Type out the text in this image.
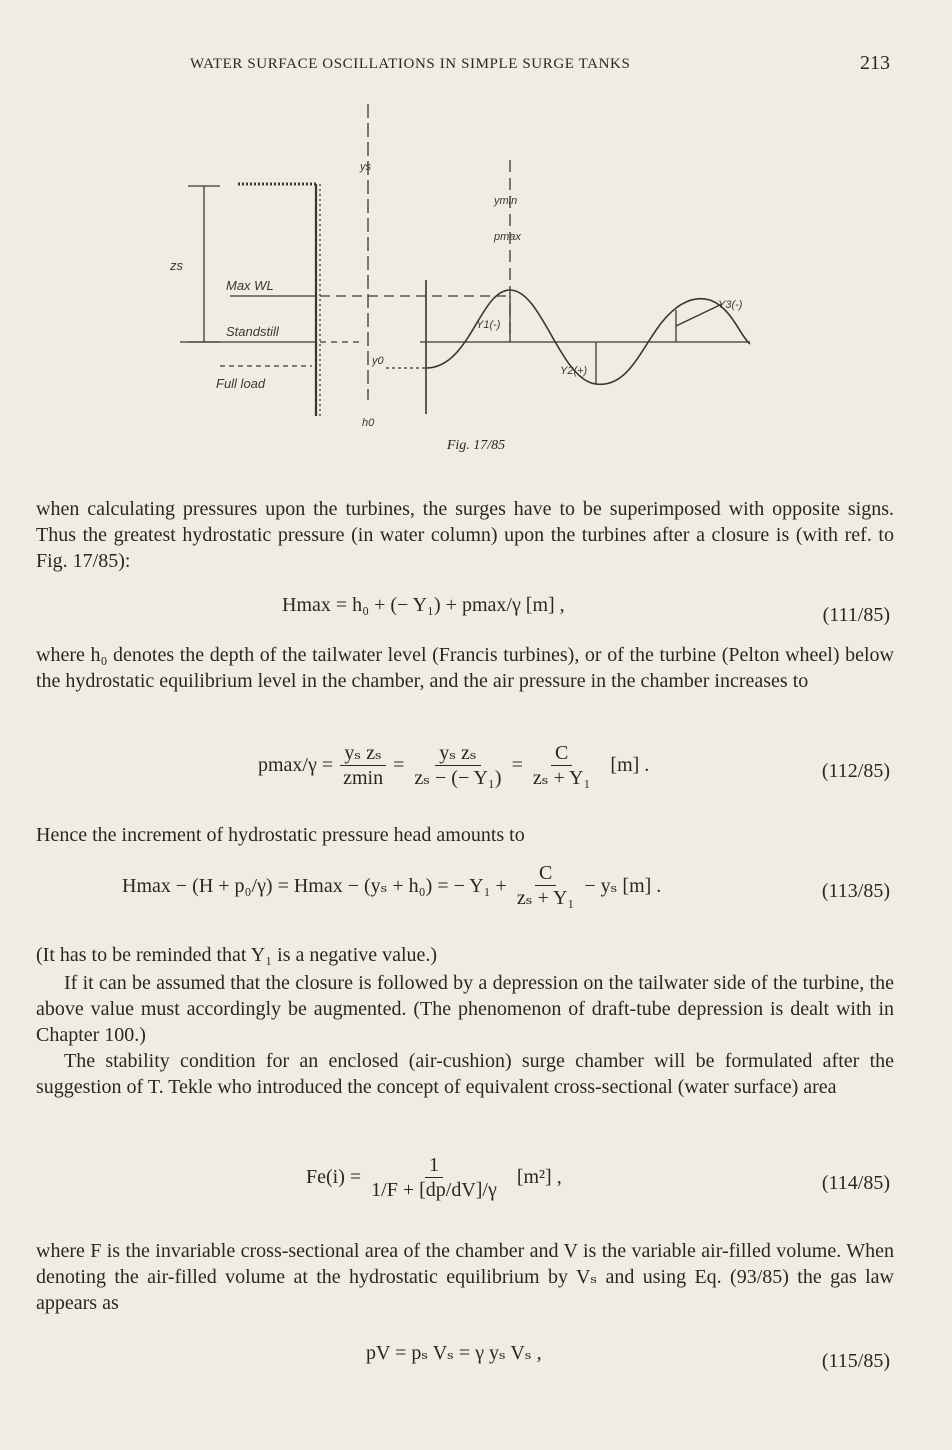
WATER SURFACE OSCILLATIONS IN SIMPLE SURGE TANKS	213
ys
zs
Max WL
Standstill
Full load
y0
h0
ymin
pmax
Y1(-)
Y2(+)
Y3(-)
Fig. 17/85

when calculating pressures upon the turbines, the surges have to be superimposed with opposite signs. Thus the greatest hydrostatic pressure (in water column) upon the turbines after a closure is (with ref. to Fig. 17/85):

Hmax = h₀ + (− Y₁) + pmax/γ [m] ,	(111/85)

where h₀ denotes the depth of the tailwater level (Francis turbines), or of the turbine (Pelton wheel) below the hydrostatic equilibrium level in the chamber, and the air pressure in the chamber increases to

$pmax/\gamma = \frac{\text{yₛ zₛ}}{zmin} = \frac{\text{yₛ zₛ}}{\text{zₛ − (− Y₁)}} = \frac{C}{\text{zₛ + Y₁}} [m]$ .	(112/85)

Hence the increment of hydrostatic pressure head amounts to

Hmax − (H + p₀/γ) = Hmax − (yₛ + h₀) = − $Y_1 + \frac{C}{\text{zₛ + Y₁}} - y_s$ [m] .	(113/85)

(It has to be reminded that Y₁ is a negative value.)

If it can be assumed that the closure is followed by a depression on the tailwater side of the turbine, the above value must accordingly be augmented. (The phenomenon of draft-tube depression is dealt with in Chapter 100.)

The stability condition for an enclosed (air-cushion) surge chamber will be formulated after the suggestion of T. Tekle who introduced the concept of equivalent cross-sectional (water surface) area

$Fe(i) = \frac{1}{1/F + [dp/dV]/\gamma} [m^2]$ ,	(114/85)

where F is the invariable cross-sectional area of the chamber and V is the variable air-filled volume. When denoting the air-filled volume at the hydrostatic equilibrium by Vₛ and using Eq. (93/85) the gas law appears as

pV = pₛ Vₛ = γ yₛ Vₛ ,	(115/85)
